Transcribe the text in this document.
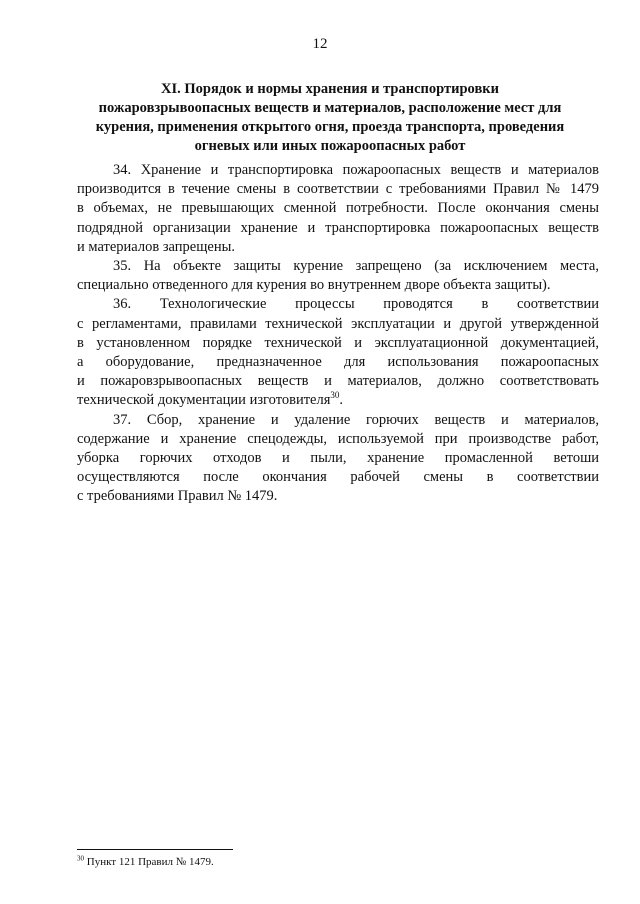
12
XI. Порядок и нормы хранения и транспортировки
пожаровзрывоопасных веществ и материалов, расположение мест для
курения, применения открытого огня, проезда транспорта, проведения
огневых или иных пожароопасных работ
34. Хранение и транспортировка пожароопасных веществ и материалов
производится в течение смены в соответствии с требованиями Правил № 1479
в объемах, не превышающих сменной потребности. После окончания смены
подрядной организации хранение и транспортировка пожароопасных веществ
и материалов запрещены.
35. На объекте защиты курение запрещено (за исключением места,
специально отведенного для курения во внутреннем дворе объекта защиты).
36. Технологические процессы проводятся в соответствии
с регламентами, правилами технической эксплуатации и другой утвержденной
в установленном порядке технической и эксплуатационной документацией,
а оборудование, предназначенное для использования пожароопасных
и пожаровзрывоопасных веществ и материалов, должно соответствовать
технической документации изготовителя$^{30}$.
37. Сбор, хранение и удаление горючих веществ и материалов,
содержание и хранение спецодежды, используемой при производстве работ,
уборка горючих отходов и пыли, хранение промасленной ветоши
осуществляются после окончания рабочей смены в соответствии
с требованиями Правил № 1479.
$^{30}$ Пункт 121 Правил № 1479.
